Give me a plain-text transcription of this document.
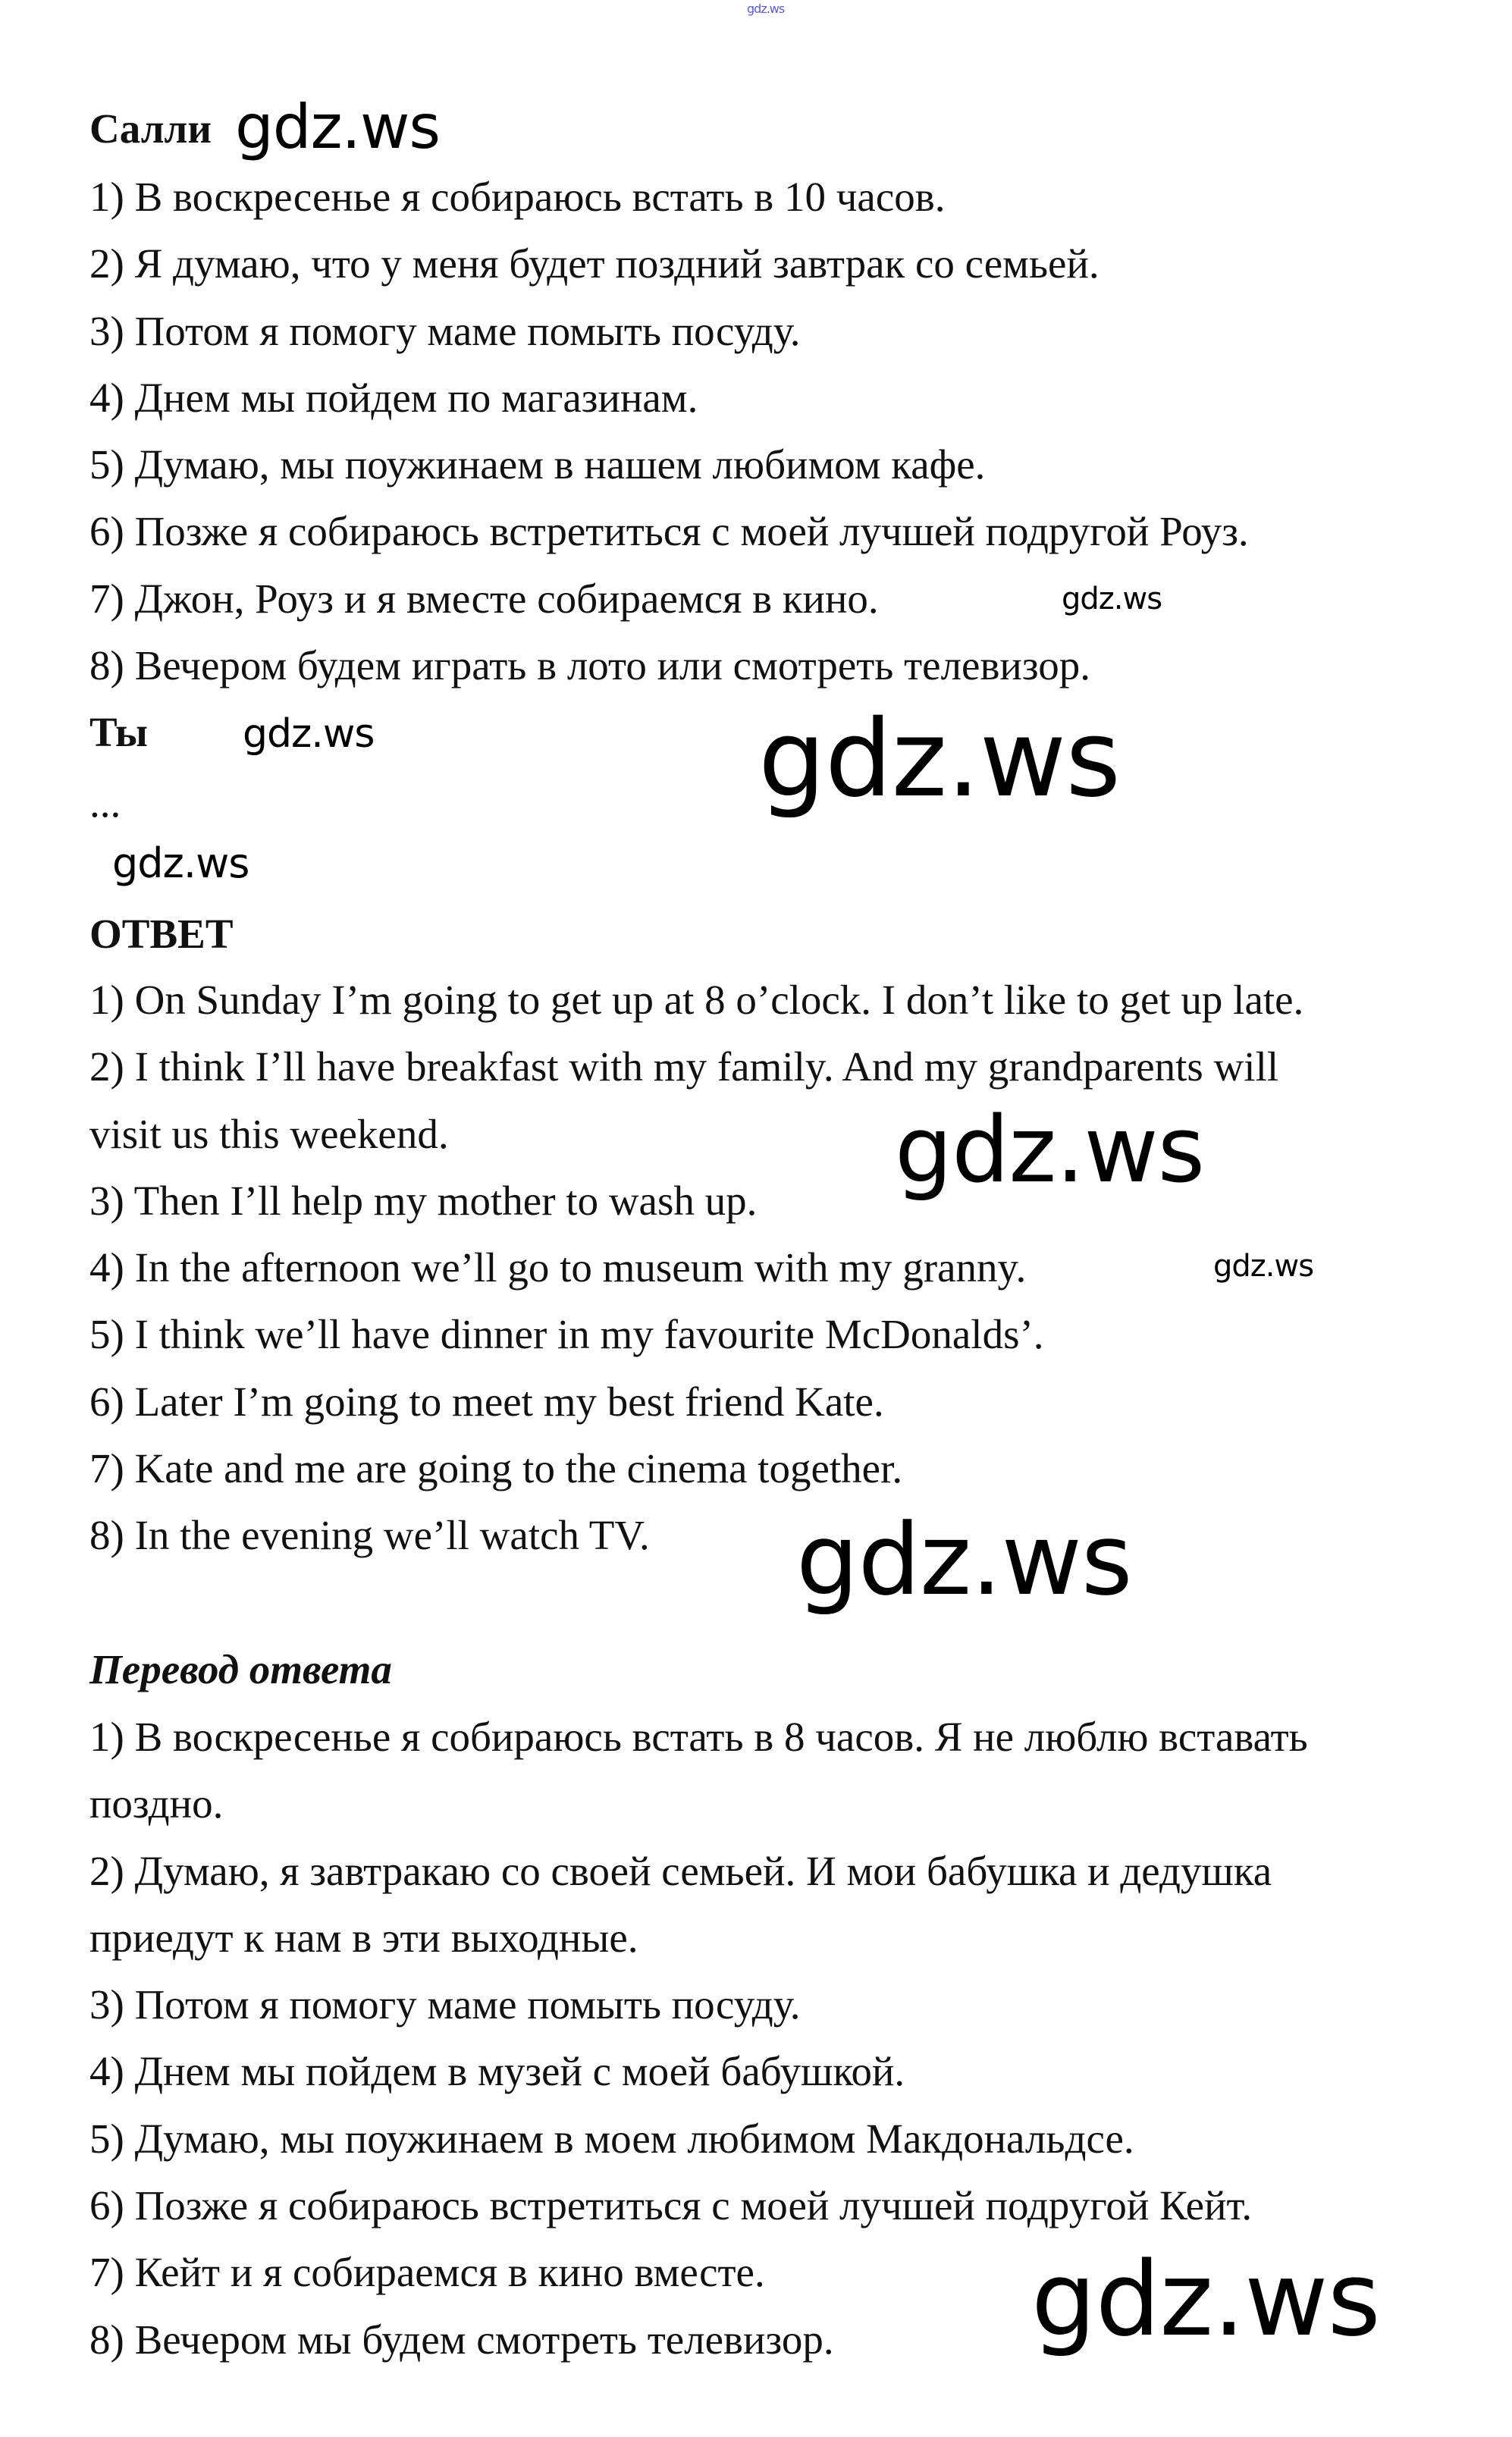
gdz.ws
Салли
1) В воскресенье я собираюсь встать в 10 часов.
2) Я думаю, что у меня будет поздний завтрак со семьей.
3) Потом я помогу маме помыть посуду.
4) Днем мы пойдем по магазинам.
5) Думаю, мы поужинаем в нашем любимом кафе.
6) Позже я собираюсь встретиться с моей лучшей подругой Роуз.
7) Джон, Роуз и я вместе собираемся в кино.
8) Вечером будем играть в лото или смотреть телевизор.
Ты
...
ОТВЕТ
1) On Sunday I’m going to get up at 8 o’clock. I don’t like to get up late.
2) I think I’ll have breakfast with my family. And my grandparents will
visit us this weekend.
3) Then I’ll help my mother to wash up.
4) In the afternoon we’ll go to museum with my granny.
5) I think we’ll have dinner in my favourite McDonalds’.
6) Later I’m going to meet my best friend Kate.
7) Kate and me are going to the cinema together.
8) In the evening we’ll watch TV.
Перевод ответа
1) В воскресенье я собираюсь встать в 8 часов. Я не люблю вставать
поздно.
2) Думаю, я завтракаю со своей семьей. И мои бабушка и дедушка
приедут к нам в эти выходные.
3) Потом я помогу маме помыть посуду.
4) Днем мы пойдем в музей с моей бабушкой.
5) Думаю, мы поужинаем в моем любимом Макдональдсе.
6) Позже я собираюсь встретиться с моей лучшей подругой Кейт.
7) Кейт и я собираемся в кино вместе.
8) Вечером мы будем смотреть телевизор.
gdz.ws
gdz.ws
gdz.ws
gdz.ws
gdz.ws
gdz.ws
gdz.ws
gdz.ws
gdz.ws
